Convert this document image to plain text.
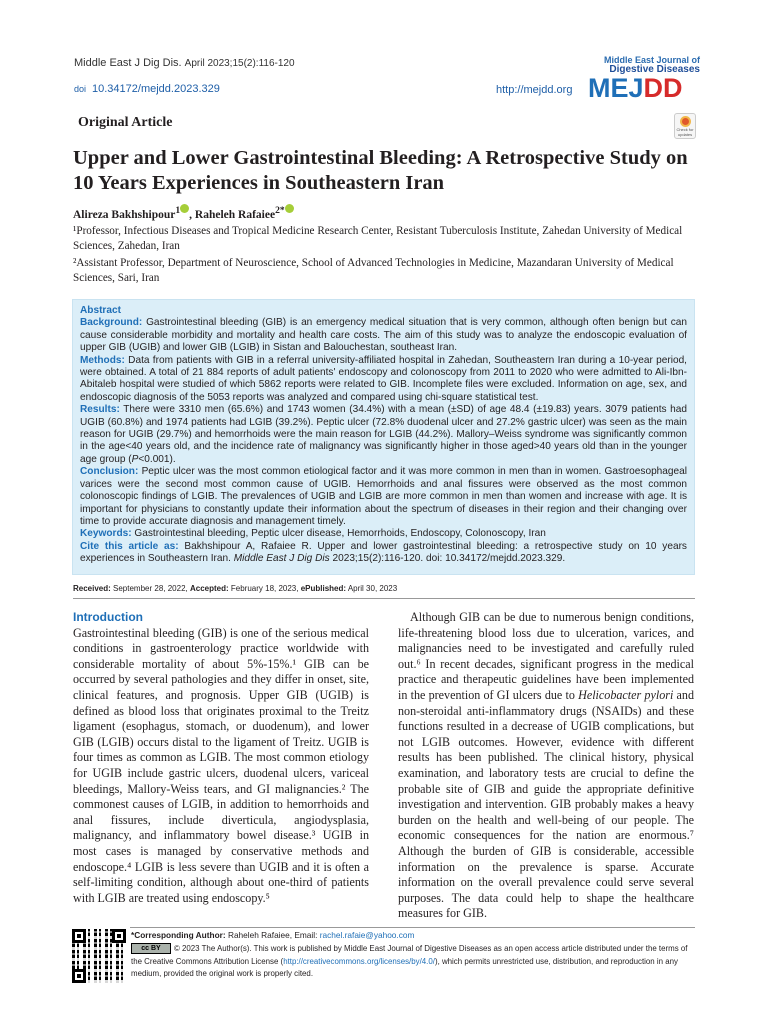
Middle East J Dig Dis. April 2023;15(2):116-120
doi 10.34172/mejdd.2023.329	http://mejdd.org
Middle East Journal of
Digestive Diseases
MEJDD
Check for updates
Original Article
Upper and Lower Gastrointestinal Bleeding: A Retrospective Study on 10 Years Experiences in Southeastern Iran
Alireza Bakhshipour$^1$ , Raheleh Rafaiee$^{2*}$
¹Professor, Infectious Diseases and Tropical Medicine Research Center, Resistant Tuberculosis Institute, Zahedan University of Medical Sciences, Zahedan, Iran
²Assistant Professor, Department of Neuroscience, School of Advanced Technologies in Medicine, Mazandaran University of Medical Sciences, Sari, Iran
Abstract
Background: Gastrointestinal bleeding (GIB) is an emergency medical situation that is very common, although often benign but can cause considerable morbidity and mortality and health care costs. The aim of this study was to analyze the endoscopic evaluation of upper GIB (UGIB) and lower GIB (LGIB) in Sistan and Balouchestan, southeast Iran.
Methods: Data from patients with GIB in a referral university-affiliated hospital in Zahedan, Southeastern Iran during a 10-year period, were obtained. A total of 21 884 reports of adult patients' endoscopy and colonoscopy from 2011 to 2020 who were admitted to Ali-Ibn-Abitaleb hospital were studied of which 5862 reports were related to GIB. Incomplete files were excluded. Information on age, sex, and endoscopic diagnosis of the 5053 reports was analyzed and compared using chi-square statistical test.
Results: There were 3310 men (65.6%) and 1743 women (34.4%) with a mean (±SD) of age 48.4 (±19.83) years. 3079 patients had UGIB (60.8%) and 1974 patients had LGIB (39.2%). Peptic ulcer (72.8% duodenal ulcer and 27.2% gastric ulcer) was seen as the main reason for UGIB (29.7%) and hemorrhoids were the main reason for LGIB (44.2%). Mallory–Weiss syndrome was significantly common in the age<40 years old, and the incidence rate of malignancy was significantly higher in those aged>40 years old than in the younger age group (P<0.001).
Conclusion: Peptic ulcer was the most common etiological factor and it was more common in men than in women. Gastroesophageal varices were the second most common cause of UGIB. Hemorrhoids and anal fissures were observed as the most common colonoscopic findings of LGIB. The prevalences of UGIB and LGIB are more common in men than women and increase with age. It is important for physicians to constantly update their information about the spectrum of diseases in their region and their changing over time to provide accurate diagnosis and management timely.
Keywords: Gastrointestinal bleeding, Peptic ulcer disease, Hemorrhoids, Endoscopy, Colonoscopy, Iran
Cite this article as: Bakhshipour A, Rafaiee R. Upper and lower gastrointestinal bleeding: a retrospective study on 10 years experiences in Southeastern Iran. Middle East J Dig Dis 2023;15(2):116-120. doi: 10.34172/mejdd.2023.329.
Received: September 28, 2022, Accepted: February 18, 2023, ePublished: April 30, 2023
Introduction

Gastrointestinal bleeding (GIB) is one of the serious medical conditions in gastroenterology practice worldwide with considerable mortality of about 5%-15%.¹ GIB can be occurred by several pathologies and they differ in onset, site, clinical features, and prognosis. Upper GIB (UGIB) is defined as blood loss that originates proximal to the Treitz ligament (esophagus, stomach, or duodenum), and lower GIB (LGIB) occurs distal to the ligament of Treitz. UGIB is four times as common as LGIB. The most common etiology for UGIB include gastric ulcers, duodenal ulcers, variceal bleedings, Mallory-Weiss tears, and GI malignancies.² The commonest causes of LGIB, in addition to hemorrhoids and anal fissures, include diverticula, angiodysplasia, malignancy, and inflammatory bowel disease.³ UGIB in most cases is managed by conservative methods and endoscope.⁴ LGIB is less severe than UGIB and it is often a self-limiting condition, although about one-third of patients with LGIB are treated using endoscopy.⁵

Although GIB can be due to numerous benign conditions, life-threatening blood loss due to ulceration, varices, and malignancies need to be investigated and carefully ruled out.⁶ In recent decades, significant progress in the medical practice and therapeutic guidelines have been implemented in the prevention of GI ulcers due to Helicobacter pylori and non-steroidal anti-inflammatory drugs (NSAIDs) and these functions resulted in a decrease of UGIB complications, but not LGIB outcomes. However, evidence with different results has been published. The clinical history, physical examination, and laboratory tests are crucial to define the probable site of GIB and guide the appropriate definitive investigation and intervention. GIB probably makes a heavy burden on the health and well-being of our people. The economic consequences for the nation are enormous.⁷ Although the burden of GIB is considerable, accessible information on the prevalence is sparse. Accurate information on the overall prevalence could serve several purposes. The data could help to shape the healthcare measures for GIB.

*Corresponding Author: Raheleh Rafaiee, Email: rachel.rafaie@yahoo.com
cc BY © 2023 The Author(s). This work is published by Middle East Journal of Digestive Diseases as an open access article distributed under the terms of the Creative Commons Attribution License (http://creativecommons.org/licenses/by/4.0/), which permits unrestricted use, distribution, and reproduction in any medium, provided the original work is properly cited.
